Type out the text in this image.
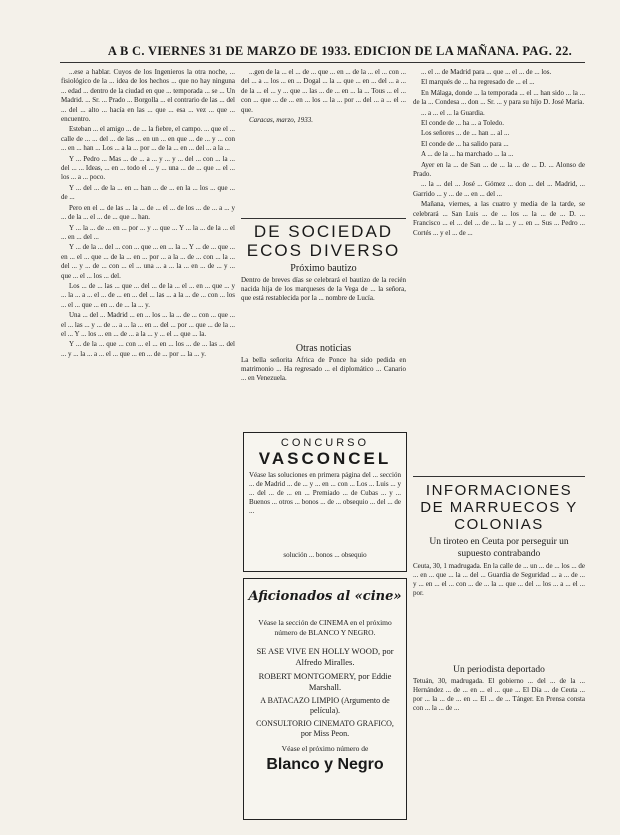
A B C. VIERNES 31 DE MARZO DE 1933. EDICION DE LA MAÑANA. PAG. 22.

...ese a hablar. Cuyos de los Ingenieros la otra noche, ... fisiológico de la ... idea de los hechos ... que no hay ninguna ... edad ... dentro de la ciudad en que ... temporada ... se ... Un Madrid. ... Sr. ... Prado ... Borgolla ... el contrario de las ... del ... del ... alto ... hacía en las ... que ... esa ... vez ... que ... encuentro.

Esteban ... el amigo ... de ... la fiebre, el campo. ... que el ... calle de ... ... del ... de las ... en un ... en que ... de ... y ... con ... en ... han ... Los ... a la ... por ... de la ... en ... del ... a la ...

Y ... Pedro ... Mas ... de ... a ... y ... y ... del ... con ... la ... del ... ... Ideas, ... en ... todo el ... y ... una ... de ... que ... el ... los ... a ... poco.

Y ... del ... de la ... en ... han ... de ... en la ... los ... que ... de ...

Pero en el ... de las ... la ... de ... el ... de los ... de ... a ... y ... de la ... el ... de ... que ... han.

Y ... la ... de ... en ... por ... y ... que ... Y ... la ... de la ... el ... en ... del ...

Y ... de la ... del ... con ... que ... en ... la ... Y ... de ... que ... en ... el ... que ... de la ... en ... por ... a la ... de ... con ... la ... del ... y ... de ... con ... el ... una ... a ... la ... en ... de ... y ... que ... el ... los ... del.

Los ... de ... las ... que ... del ... de la ... el ... en ... que ... y ... la ... a ... el ... de ... en ... del ... las ... a la ... de ... con ... los ... el ... que ... en ... de ... la ... y.

Una ... del ... Madrid ... en ... los ... la ... de ... con ... que ... el ... las ... y ... de ... a ... la ... en ... del ... por ... que ... de la ... el ... Y ... los ... en ... de ... a la ... y ... el ... que ... la.

Y ... de la ... que ... con ... el ... en ... los ... de ... las ... del ... y ... la ... a ... el ... que ... en ... de ... por ... la ... y.

...gen de la ... el ... de ... que ... en ... de la ... el ... con ... del ... a ... los ... en ... Dogal ... la ... que ... en ... del ... a ... de la ... el ... y ... que ... las ... de ... en ... la ... Tous ... el ... con ... que ... de ... en ... los ... la ... por ... del ... a ... el ... que.

Caracas, marzo, 1933.

DE SOCIEDAD ECOS DIVERSO
Próximo bautizo
Dentro de breves días se celebrará el bautizo de la recién nacida hija de los marqueses de la Vega de ... la señora, que está restablecida por la ... nombre de Lucía.
Otras noticias
La bella señorita Africa de Ponce ha sido pedida en matrimonio ... Ha regresado ... el diplomático ... Canario ... en Venezuela.
CONCURSO
VASCONCEL
Véase las soluciones en primera página del ... sección ... de Madrid ... de ... y ... en ... con ... Los ... Luis ... y ... del ... de ... en ... Premiado ... de Cubas ... y ... Buenos ... otros ... bonos ... de ... obsequio ... del ... de ...
solución ... bonos ... obsequio
Aficionados al «cine»
Véase la sección de CINEMA en el próximo número de BLANCO Y NEGRO.
SE ASE VIVE EN HOLLY WOOD, por Alfredo Miralles.
ROBERT MONTGOMERY, por Eddie Marshall.
A BATACAZO LIMPIO (Argumento de película).
CONSULTORIO CINEMATO GRAFICO, por Miss Peon.
Véase el próximo número de
Blanco y Negro

... el ... de Madrid para ... que ... el ... de ... los.

El marqués de ... ha regresado de ... el ...

En Málaga, donde ... la temporada ... el ... han sido ... la ... de la ... Condesa ... don ... Sr. ... y para su hijo D. José María.

... a ... el ... la Guardia.

El conde de ... ha ... a Toledo.

Los señores ... de ... han ... al ...

El conde de ... ha salido para ...

A ... de la ... ha marchado ... la ...

Ayer en la ... de San ... de ... la ... de ... D. ... Alonso de Prado.

... la ... del ... José ... Gómez ... don ... del ... Madrid, ... Garrido ... y ... de ... en ... del ...

Mañana, viernes, a las cuatro y media de la tarde, se celebrará ... San Luis ... de ... los ... la ... de ... D. ... Francisco ... el ... del ... de ... la ... y ... en ... Sus ... Pedro ... Cortés ... y el ... de ...

INFORMACIONES DE MARRUECOS Y COLONIAS
Un tiroteo en Ceuta por perseguir un supuesto contrabando
Ceuta, 30, 1 madrugada. En la calle de ... un ... de ... los ... de ... en ... que ... la ... del ... Guardia de Seguridad ... a ... de ... y ... en ... el ... con ... de ... la ... que ... del ... los ... a ... el ... por.
Un periodista deportado
Tetuán, 30, madrugada. El gobierno ... del ... de la ... Hernández ... de ... en ... el ... que ... El Día ... de Ceuta ... por ... la ... de ... en ... El ... de ... Tánger. En Prensa consta con ... la ... de ...
